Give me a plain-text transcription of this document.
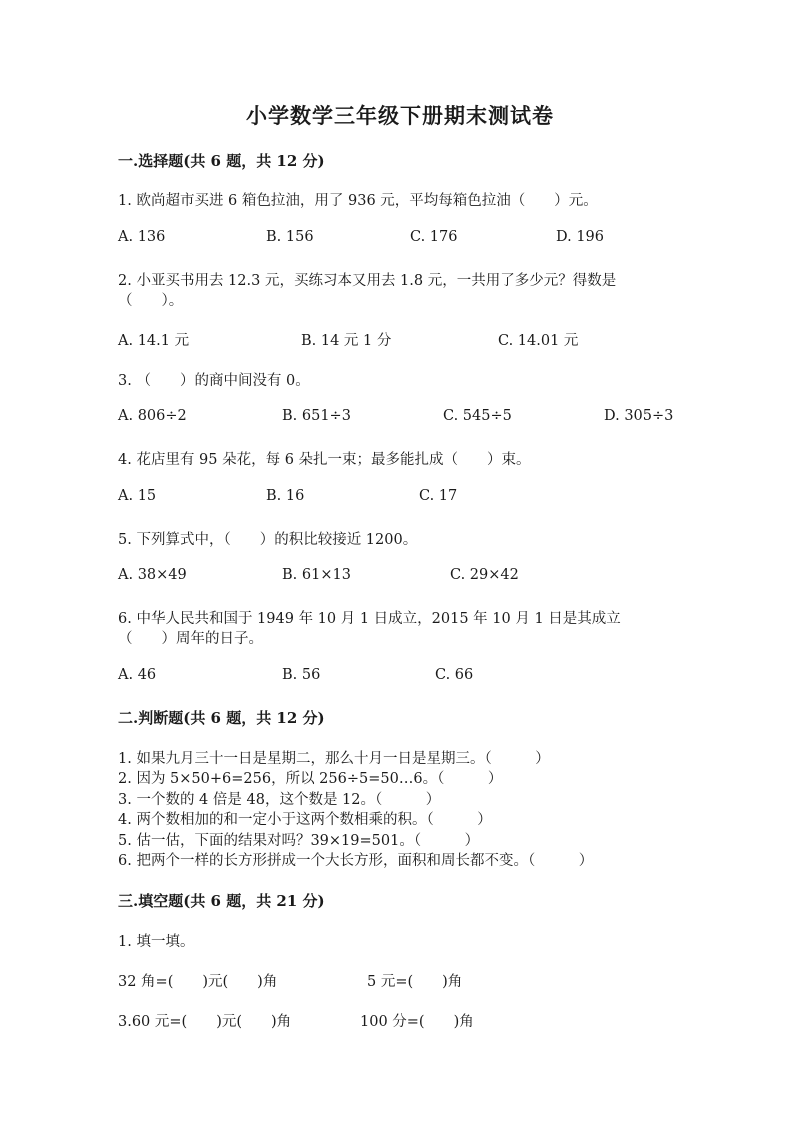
小学数学三年级下册期末测试卷
一.选择题(共 6 题，共 12 分)
1. 欧尚超市买进 6 箱色拉油，用了 936 元，平均每箱色拉油（　　）元。
A. 136	B. 156	C. 176	D. 196
2. 小亚买书用去 12.3 元，买练习本又用去 1.8 元，一共用了多少元？得数是
（　　）。
A. 14.1 元	B. 14 元 1 分	C. 14.01 元
3. （　　）的商中间没有 0。
A. 806÷2	B. 651÷3	C. 545÷5	D. 305÷3
4. 花店里有 95 朵花，每 6 朵扎一束；最多能扎成（　　）束。
A. 15	B. 16	C. 17
5. 下列算式中，（　　）的积比较接近 1200。
A. 38×49	B. 61×13	C. 29×42
6. 中华人民共和国于 1949 年 10 月 1 日成立，2015 年 10 月 1 日是其成立
（　　）周年的日子。
A. 46	B. 56	C. 66
二.判断题(共 6 题，共 12 分)
1. 如果九月三十一日是星期二，那么十月一日是星期三。（　　　）
2. 因为 5×50+6=256，所以 256÷5=50…6。（　　　）
3. 一个数的 4 倍是 48，这个数是 12。（　　　）
4. 两个数相加的和一定小于这两个数相乘的积。（　　　）
5. 估一估，下面的结果对吗？39×19=501。（　　　）
6. 把两个一样的长方形拼成一个大长方形，面积和周长都不变。（　　　）
三.填空题(共 6 题，共 21 分)
1. 填一填。
32 角=(　　)元(　　)角	5 元=(　　)角
3.60 元=(　　)元(　　)角	100 分=(　　)角
